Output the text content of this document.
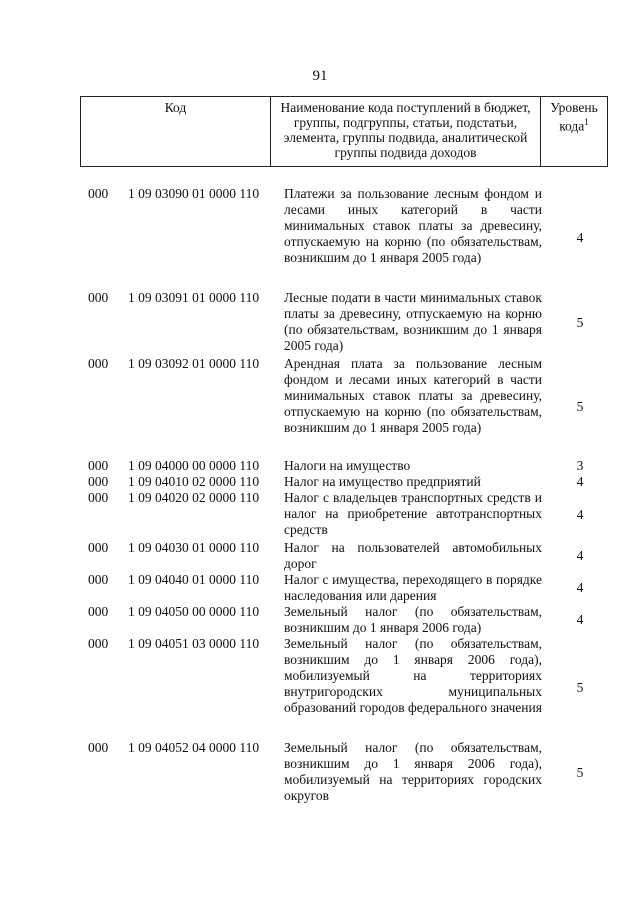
91
Код	Наименование кода поступлений в бюджет, группы, подгруппы, статьи, подстатьи, элемента, группы подвида, аналитической группы подвида доходов
Уровень кода$^1$
000	1 09 03090 01 0000 110	Платежи за пользование лесным фондом и лесами иных категорий в части минимальных ставок платы за древесину, отпускаемую на корню (по обязательствам, возникшим до 1 января 2005 года)
4
000	1 09 03091 01 0000 110	Лесные подати в части минимальных ставок платы за древесину, отпускаемую на корню (по обязательствам, возникшим до 1 января 2005 года)
5
000	1 09 03092 01 0000 110	Арендная плата за пользование лесным фондом и лесами иных категорий в части минимальных ставок платы за древесину, отпускаемую на корню (по обязательствам, возникшим до 1 января 2005 года)
5
000	1 09 04000 00 0000 110	Налоги на имущество	3
000	1 09 04010 02 0000 110	Налог на имущество предприятий	4
000	1 09 04020 02 0000 110	Налог с владельцев транспортных средств и налог на приобретение автотранспортных средств
4
000	1 09 04030 01 0000 110	Налог на пользователей автомобильных дорог
4
000	1 09 04040 01 0000 110	Налог с имущества, переходящего в порядке наследования или дарения
4
000	1 09 04050 00 0000 110	Земельный налог (по обязательствам, возникшим до 1 января 2006 года)
4
000	1 09 04051 03 0000 110	Земельный налог (по обязательствам, возникшим до 1 января 2006 года), мобилизуемый на территориях внутригородских муниципальных образований городов федерального значения
5
000	1 09 04052 04 0000 110	Земельный налог (по обязательствам, возникшим до 1 января 2006 года), мобилизуемый на территориях городских округов
5
